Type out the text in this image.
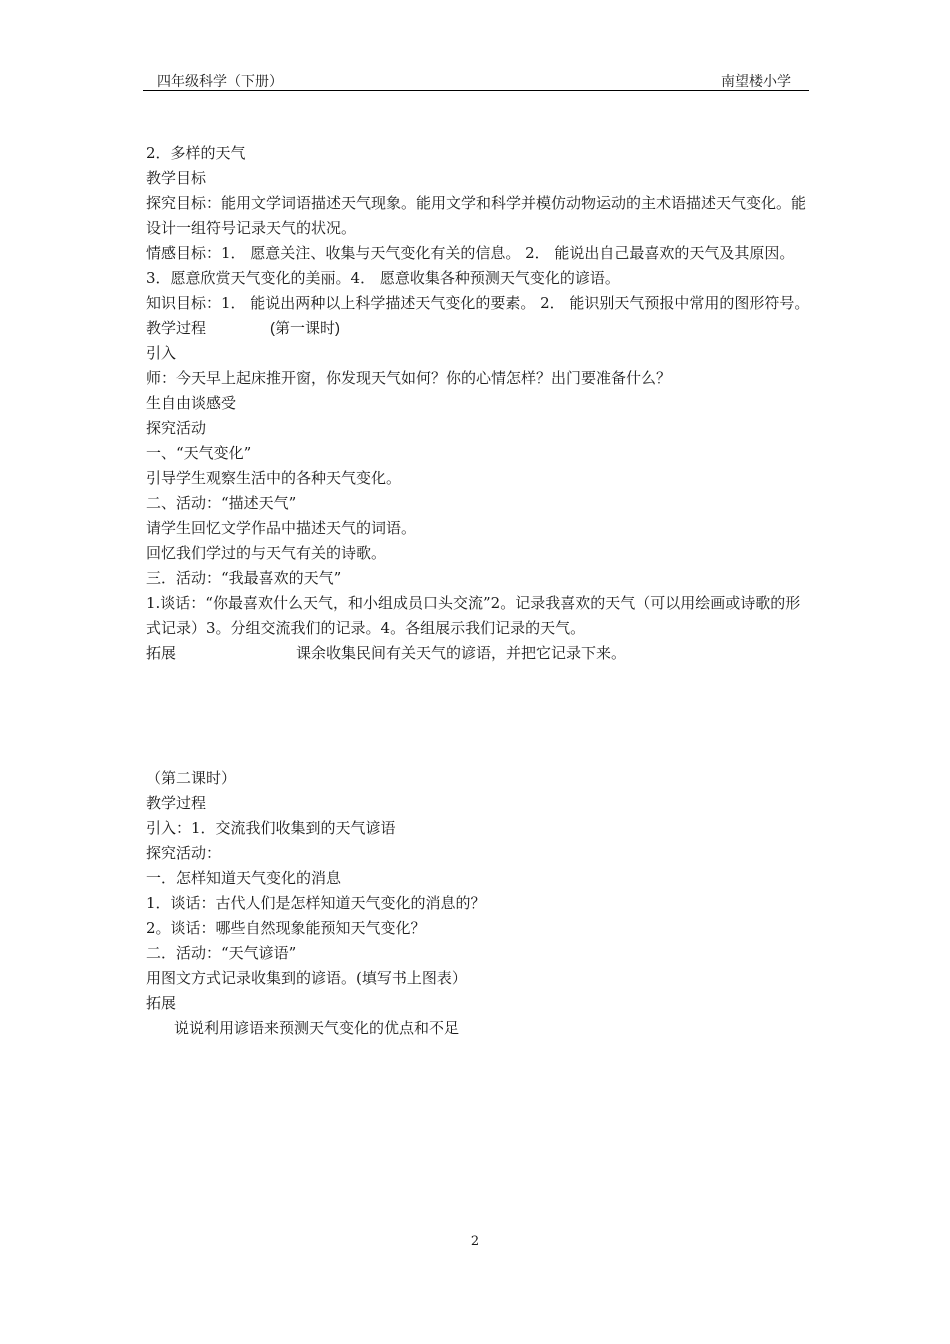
四年级科学（下册）	南望楼小学
2．多样的天气
教学目标
探究目标：能用文学词语描述天气现象。能用文学和科学并模仿动物运动的主术语描述天气变化。能设计一组符号记录天气的状况。
情感目标：1． 愿意关注、收集与天气变化有关的信息。 2． 能说出自己最喜欢的天气及其原因。3．愿意欣赏天气变化的美丽。4． 愿意收集各种预测天气变化的谚语。
知识目标：1． 能说出两种以上科学描述天气变化的要素。 2． 能识别天气预报中常用的图形符号。
教学过程	(第一课时)
引入
师：今天早上起床推开窗，你发现天气如何？你的心情怎样？出门要准备什么？
生自由谈感受
探究活动
一、“天气变化”
引导学生观察生活中的各种天气变化。
二、活动：“描述天气”
请学生回忆文学作品中描述天气的词语。
回忆我们学过的与天气有关的诗歌。
三．活动：“我最喜欢的天气”
1.谈话：“你最喜欢什么天气，和小组成员口头交流”2。记录我喜欢的天气（可以用绘画或诗歌的形式记录）3。分组交流我们的记录。4。各组展示我们记录的天气。
拓展	课余收集民间有关天气的谚语，并把它记录下来。
（第二课时）
教学过程
引入：1．交流我们收集到的天气谚语
探究活动：
一．怎样知道天气变化的消息
1．谈话：古代人们是怎样知道天气变化的消息的？
2。谈话：哪些自然现象能预知天气变化？
二．活动：“天气谚语”
用图文方式记录收集到的谚语。(填写书上图表）
拓展
说说利用谚语来预测天气变化的优点和不足
2
